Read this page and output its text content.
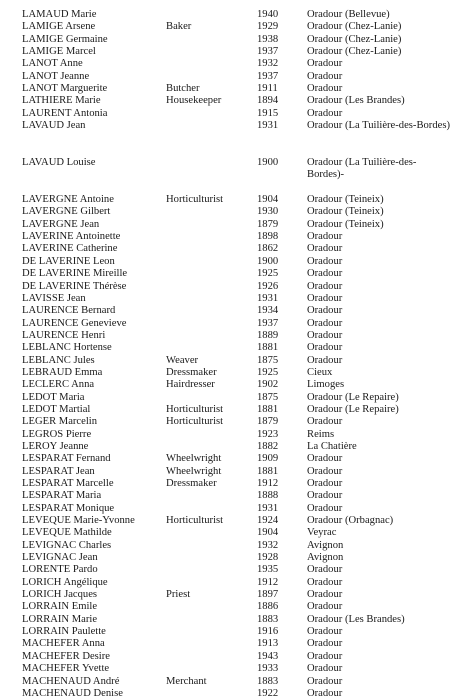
LAMAUD Marie	1940	Oradour (Bellevue)
LAMIGE Arsene	Baker	1929	Oradour (Chez-Lanie)
LAMIGE Germaine	1938	Oradour (Chez-Lanie)
LAMIGE Marcel	1937	Oradour (Chez-Lanie)
LANOT Anne	1932	Oradour
LANOT Jeanne	1937	Oradour
LANOT Marguerite	Butcher	1911	Oradour
LATHIERE Marie	Housekeeper	1894	Oradour (Les Brandes)
LAURENT Antonia	1915	Oradour
LAVAUD Jean	1931	Oradour (La Tuilière-des-Bordes)
LAVAUD Louise	1900	Oradour (La Tuilière-des-Bordes)-
LAVERGNE Antoine	Horticulturist	1904	Oradour (Teineix)
LAVERGNE Gilbert	1930	Oradour (Teineix)
LAVERGNE Jean	1879	Oradour (Teineix)
LAVERINE Antoinette	1898	Oradour
LAVERINE Catherine	1862	Oradour
DE LAVERINE Leon	1900	Oradour
DE LAVERINE Mireille	1925	Oradour
DE LAVERINE Thérèse	1926	Oradour
LAVISSE Jean	1931	Oradour
LAURENCE Bernard	1934	Oradour
LAURENCE Genevieve	1937	Oradour
LAURENCE Henri	1889	Oradour
LEBLANC Hortense	1881	Oradour
LEBLANC Jules	Weaver	1875	Oradour
LEBRAUD Emma	Dressmaker	1925	Cieux
LECLERC Anna	Hairdresser	1902	Limoges
LEDOT Maria	1875	Oradour (Le Repaire)
LEDOT Martial	Horticulturist	1881	Oradour (Le Repaire)
LEGER Marcelin	Horticulturist	1879	Oradour
LEGROS Pierre	1923	Reims
LEROY Jeanne	1882	La Chatière
LESPARAT Fernand	Wheelwright	1909	Oradour
LESPARAT Jean	Wheelwright	1881	Oradour
LESPARAT Marcelle	Dressmaker	1912	Oradour
LESPARAT Maria	1888	Oradour
LESPARAT Monique	1931	Oradour
LEVEQUE Marie-Yvonne	Horticulturist	1924	Oradour (Orbagnac)
LEVEQUE Mathilde	1904	Veyrac
LEVIGNAC Charles	1932	Avignon
LEVIGNAC Jean	1928	Avignon
LORENTE Pardo	1935	Oradour
LORICH Angélique	1912	Oradour
LORICH Jacques	Priest	1897	Oradour
LORRAIN Emile	1886	Oradour
LORRAIN Marie	1883	Oradour (Les Brandes)
LORRAIN Paulette	1916	Oradour
MACHEFER Anna	1913	Oradour
MACHEFER Desire	1943	Oradour
MACHEFER Yvette	1933	Oradour
MACHENAUD André	Merchant	1883	Oradour
MACHENAUD Denise	1922	Oradour
